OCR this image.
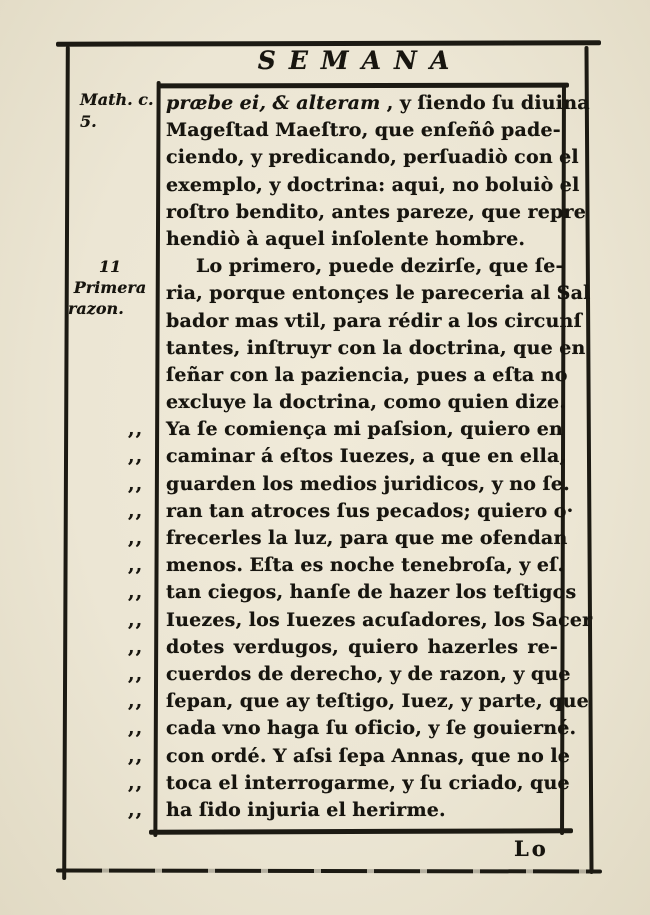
SEMANA
Math. c.
5.
11
Primera
razon.
præbe ei, & alteram , y ſiendo ſu diuina
Mageſtad Maeſtro, que enſeñô pade-
ciendo, y predicando, perſuadiò con el
exemplo, y doctrina: aqui, no boluiò el
roſtro bendito, antes pareze, que repre
hendiò à aquel inſolente hombre.
Lo primero, puede dezirſe, que ſe-
ria, porque entonçes le pareceria al Sal
bador mas vtil, para rédir a los circunſ
tantes, inſtruyr con la doctrina, que en
ſeñar con la paziencia, pues a eſta no
excluye la doctrina, como quien dize.
,, Ya ſe comiença mi paſsion, quiero en
,, caminar á eſtos Iuezes, a que en ella,
,, guarden los medios juridicos, y no ſe.
,, ran tan atroces ſus pecados; quiero o·
,, frecerles la luz, para que me ofendan
,, menos. Eſta es noche tenebroſa, y eſ.
,, tan ciegos, hanſe de hazer los teſtigos
,, Iuezes, los Iuezes acuſadores, los Sacer
,, dotes verdugos, quiero hazerles re-
,, cuerdos de derecho, y de razon, y que
,, ſepan, que ay teſtigo, Iuez, y parte, que
,, cada vno haga ſu oficio, y ſe gouierné.
,, con ordé. Y aſsi ſepa Annas, que no le
,, toca el interrogarme, y ſu criado, que
,, ha ſido injuria el herirme.
Lo
